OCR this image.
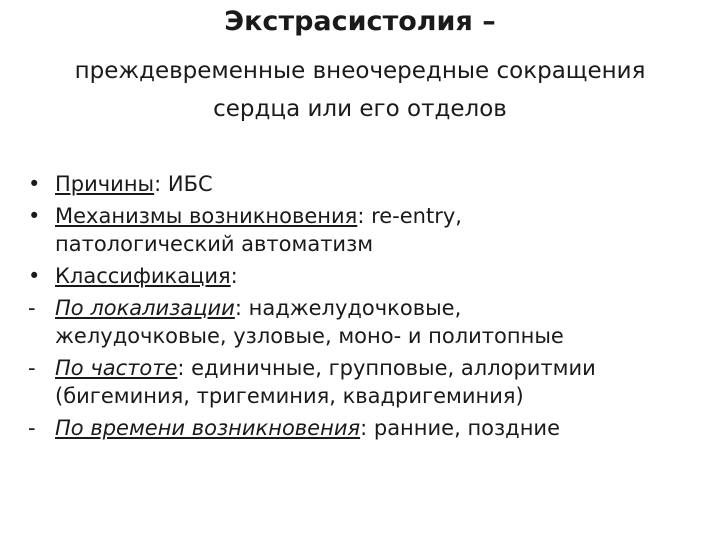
Экстрасистолия –
преждевременные внеочередные сокращения
сердца или его отделов
• Причины: ИБС
• Механизмы возникновения: re-entry,
патологический автоматизм
• Классификация:
- По локализации: наджелудочковые,
желудочковые, узловые, моно- и политопные
- По частоте: единичные, групповые, аллоритмии
(бигеминия, тригеминия, квадригеминия)
- По времени возникновения: ранние, поздние
